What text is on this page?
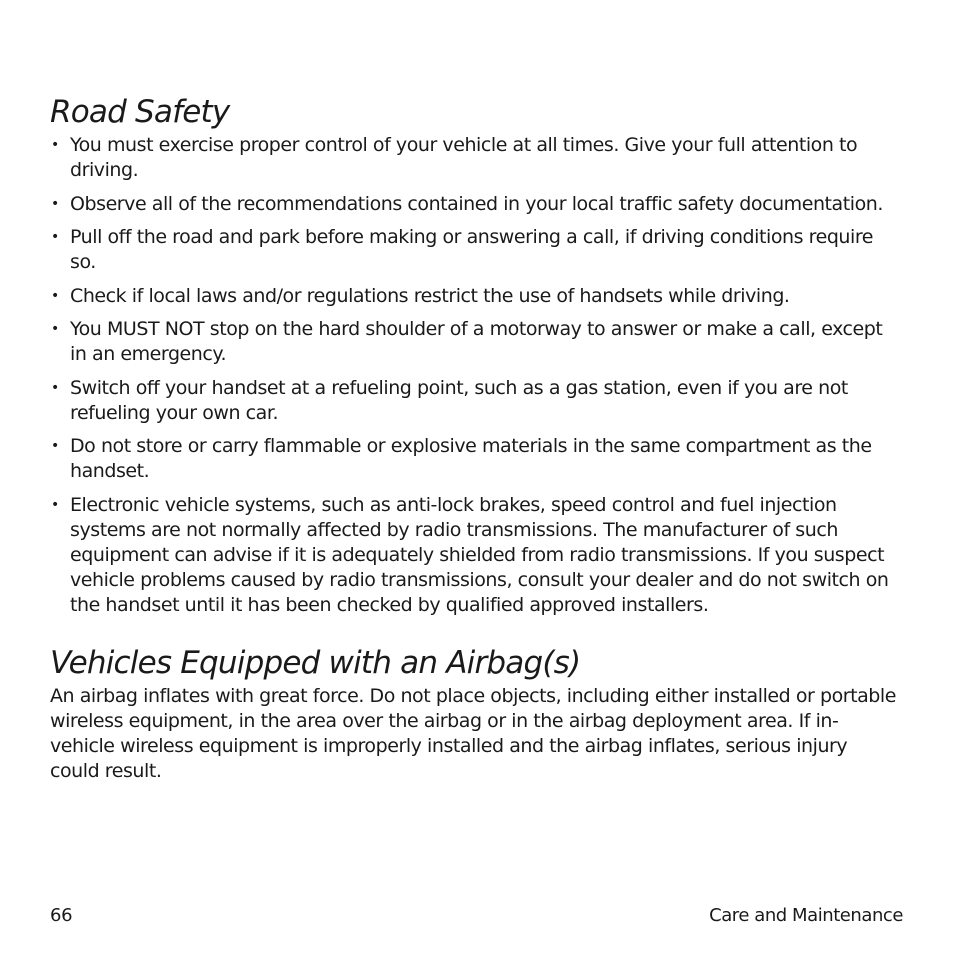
Road Safety
• You must exercise proper control of your vehicle at all times. Give your full attention to driving.
• Observe all of the recommendations contained in your local traffic safety documentation.
• Pull off the road and park before making or answering a call, if driving conditions require so.
• Check if local laws and/or regulations restrict the use of handsets while driving.
• You MUST NOT stop on the hard shoulder of a motorway to answer or make a call, except in an emergency.
• Switch off your handset at a refueling point, such as a gas station, even if you are not refueling your own car.
• Do not store or carry flammable or explosive materials in the same compartment as the handset.
• Electronic vehicle systems, such as anti-lock brakes, speed control and fuel injection systems are not normally affected by radio transmissions. The manufacturer of such equipment can advise if it is adequately shielded from radio transmissions. If you suspect vehicle problems caused by radio transmissions, consult your dealer and do not switch on the handset until it has been checked by qualified approved installers.
Vehicles Equipped with an Airbag(s)

An airbag inflates with great force. Do not place objects, including either installed or portable wireless equipment, in the area over the airbag or in the airbag deployment area. If in-vehicle wireless equipment is improperly installed and the airbag inflates, serious injury could result.

66	Care and Maintenance
